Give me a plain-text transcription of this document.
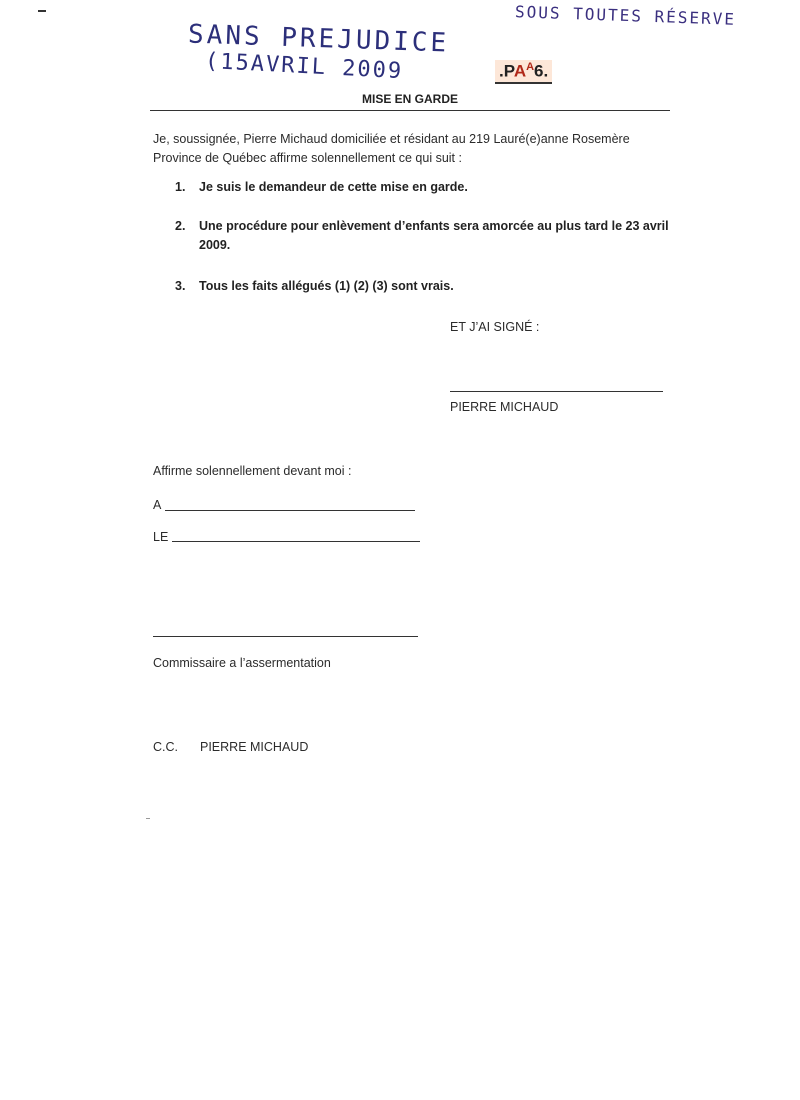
SANS PREJUDICE
(15AVRIL 2009
SOUS TOUTES RÉSERVE
$.PA^A6$.
MISE EN GARDE
Je, soussignée, Pierre Michaud domiciliée et résidant au 219 Lauré(e)anne Rosemère
Province de Québec affirme solennellement ce qui suit :
1. Je suis le demandeur de cette mise en garde.
2. Une procédure pour enlèvement d’enfants sera amorcée au plus tard le 23 avril
2009.
3. Tous les faits allégués (1) (2) (3) sont vrais.
ET J’AI SIGNÉ :
PIERRE MICHAUD
Affirme solennellement devant moi :
A
LE
Commissaire a l’assermentation
C.C. PIERRE MICHAUD
